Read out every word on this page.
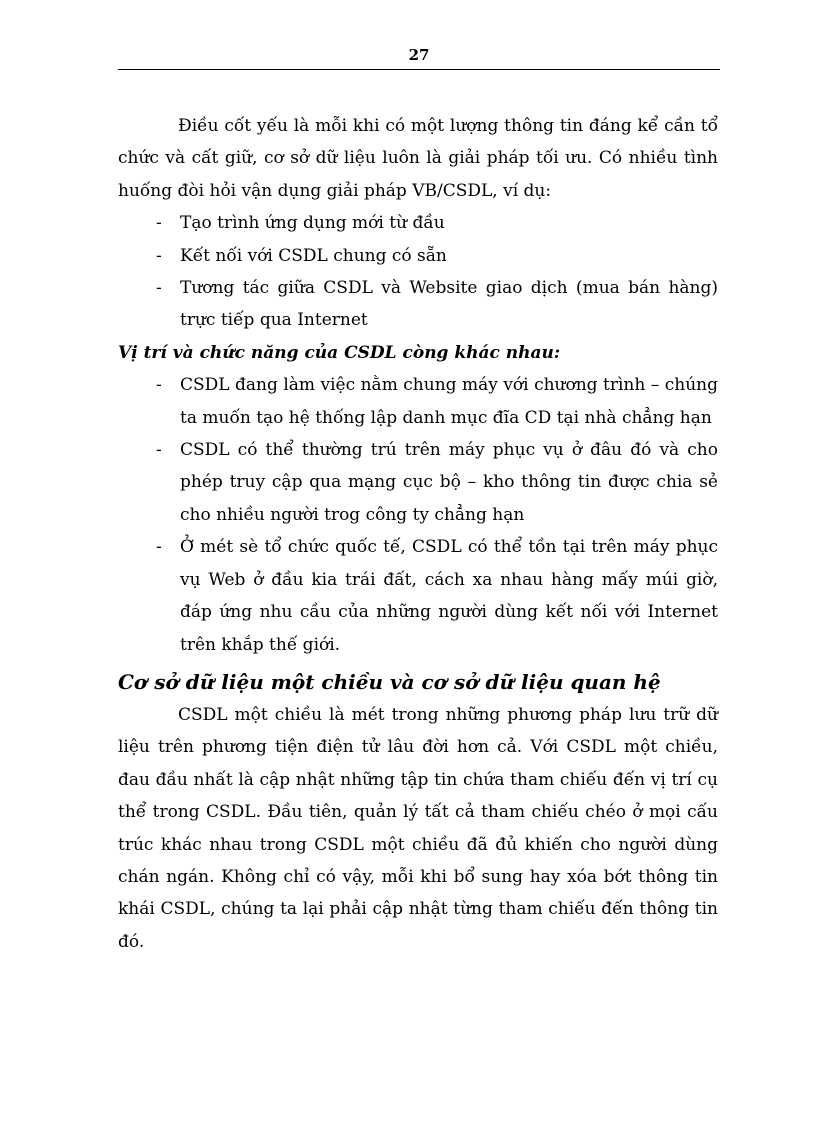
27

Điều cốt yếu là mỗi khi có một lượng thông tin đáng kể cần tổ chức và cất giữ, cơ sở dữ liệu luôn là giải pháp tối ưu. Có nhiều tình huống đòi hỏi vận dụng giải pháp VB/CSDL, ví dụ:

- Tạo trình ứng dụng mới từ đầu
- Kết nối với CSDL chung có sẵn
- Tương tác giữa CSDL và Website giao dịch (mua bán hàng) trực tiếp qua Internet

Vị trí và chức năng của CSDL còng khác nhau:

- CSDL đang làm việc nằm chung máy với chương trình – chúng ta muốn tạo hệ thống lập danh mục đĩa CD tại nhà chẳng hạn
- CSDL có thể thường trú trên máy phục vụ ở đâu đó và cho phép truy cập qua mạng cục bộ – kho thông tin được chia sẻ cho nhiều người trog công ty chẳng hạn
- Ở mét sè tổ chức quốc tế, CSDL có thể tồn tại trên máy phục vụ Web ở đầu kia trái đất, cách xa nhau hàng mấy múi giờ, đáp ứng nhu cầu của những người dùng kết nối với Internet trên khắp thế giới.

Cơ sở dữ liệu một chiều và cơ sở dữ liệu quan hệ

CSDL một chiều là mét trong những phương pháp lưu trữ dữ liệu trên phương tiện điện tử lâu đời hơn cả. Với CSDL một chiều, đau đầu nhất là cập nhật những tập tin chứa tham chiếu đến vị trí cụ thể trong CSDL. Đầu tiên, quản lý tất cả tham chiếu chéo ở mọi cấu trúc khác nhau trong CSDL một chiều đã đủ khiến cho người dùng chán ngán. Không chỉ có vậy, mỗi khi bổ sung hay xóa bớt thông tin khái CSDL, chúng ta lại phải cập nhật từng tham chiếu đến thông tin đó.
